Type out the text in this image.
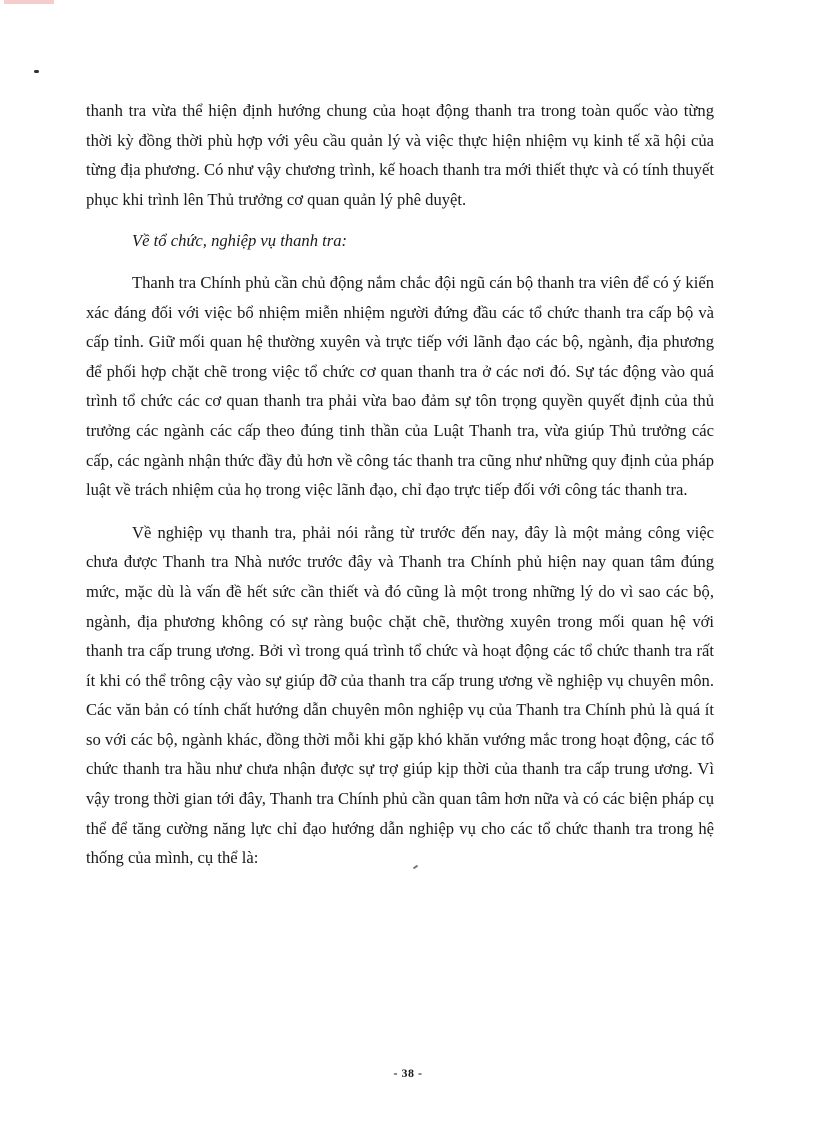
thanh tra vừa thể hiện định hướng chung của hoạt động thanh tra trong toàn quốc vào từng thời kỳ đồng thời phù hợp với yêu cầu quản lý và việc thực hiện nhiệm vụ kinh tế xã hội của từng địa phương. Có như vậy chương trình, kế hoach thanh tra mới thiết thực và có tính thuyết phục khi trình lên Thủ trưởng cơ quan quản lý phê duyệt.

Về tổ chức, nghiệp vụ thanh tra:

Thanh tra Chính phủ cần chủ động nắm chắc đội ngũ cán bộ thanh tra viên để có ý kiến xác đáng đối với việc bổ nhiệm miễn nhiệm người đứng đầu các tổ chức thanh tra cấp bộ và cấp tỉnh. Giữ mối quan hệ thường xuyên và trực tiếp với lãnh đạo các bộ, ngành, địa phương để phối hợp chặt chẽ trong việc tổ chức cơ quan thanh tra ở các nơi đó. Sự tác động vào quá trình tổ chức các cơ quan thanh tra phải vừa bao đảm sự tôn trọng quyền quyết định của thủ trưởng các ngành các cấp theo đúng tinh thần của Luật Thanh tra, vừa giúp Thủ trưởng các cấp, các ngành nhận thức đầy đủ hơn về công tác thanh tra cũng như những quy định của pháp luật về trách nhiệm của họ trong việc lãnh đạo, chỉ đạo trực tiếp đối với công tác thanh tra.

Về nghiệp vụ thanh tra, phải nói rằng từ trước đến nay, đây là một mảng công việc chưa được Thanh tra Nhà nước trước đây và Thanh tra Chính phủ hiện nay quan tâm đúng mức, mặc dù là vấn đề hết sức cần thiết và đó cũng là một trong những lý do vì sao các bộ, ngành, địa phương không có sự ràng buộc chặt chẽ, thường xuyên trong mối quan hệ với thanh tra cấp trung ương. Bởi vì trong quá trình tổ chức và hoạt động các tổ chức thanh tra rất ít khi có thể trông cậy vào sự giúp đỡ của thanh tra cấp trung ương về nghiệp vụ chuyên môn. Các văn bản có tính chất hướng dẫn chuyên môn nghiệp vụ của Thanh tra Chính phủ là quá ít so với các bộ, ngành khác, đồng thời mỗi khi gặp khó khăn vướng mắc trong hoạt động, các tổ chức thanh tra hầu như chưa nhận được sự trợ giúp kịp thời của thanh tra cấp trung ương. Vì vậy trong thời gian tới đây, Thanh tra Chính phủ cần quan tâm hơn nữa và có các biện pháp cụ thể để tăng cường năng lực chỉ đạo hướng dẫn nghiệp vụ cho các tổ chức thanh tra trong hệ thống của mình, cụ thể là:

- 38 -
